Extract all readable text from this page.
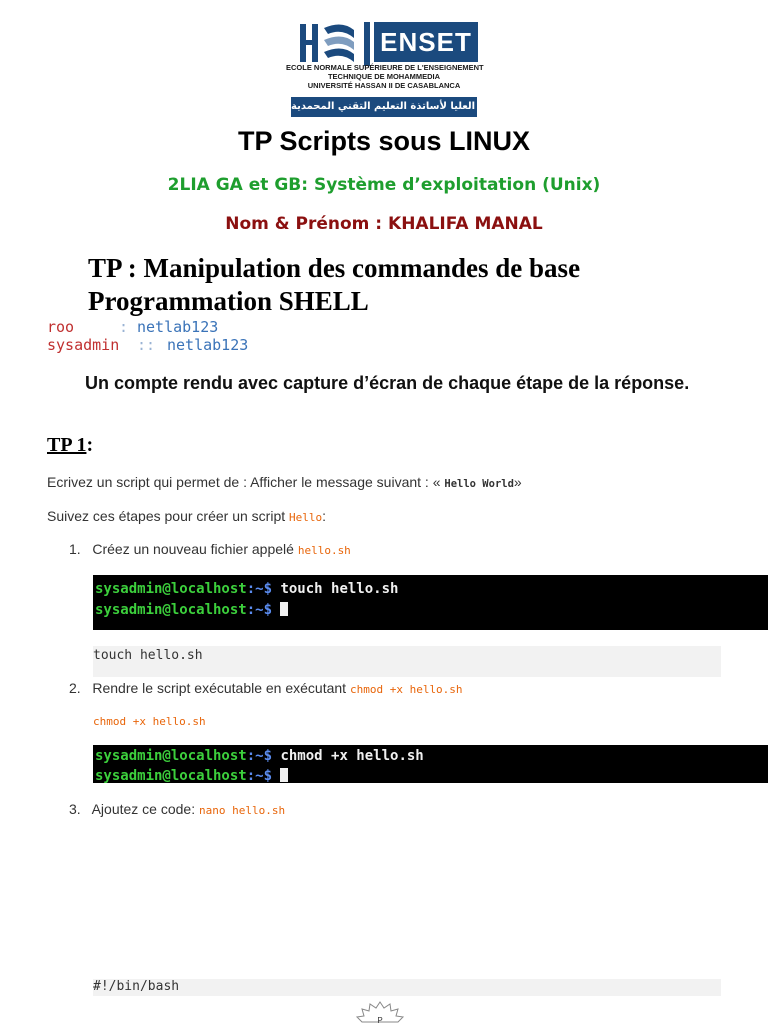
ENSET
ECOLE NORMALE SUPÉRIEURE DE L'ENSEIGNEMENT
TECHNIQUE DE MOHAMMEDIA
UNIVERSITÉ HASSAN II DE CASABLANCA
المدرسة العليا لأساتذة التعليم التقني المحمدية
TP Scripts sous LINUX
2LIA GA et GB: Système d’exploitation (Unix)
Nom & Prénom : KHALIFA MANAL
TP : Manipulation des commandes de base
Programmation SHELL
roo	: netlab123
sysadmin :: netlab123
Un compte rendu avec capture d’écran de chaque étape de la réponse.
TP 1:
Ecrivez un script qui permet de : Afficher le message suivant : « Hello World»
Suivez ces étapes pour créer un script Hello:
1. Créez un nouveau fichier appelé hello.sh
sysadmin@localhost:~$ touch hello.sh
sysadmin@localhost:~$
touch hello.sh
2. Rendre le script exécutable en exécutant chmod +x hello.sh
chmod +x hello.sh
sysadmin@localhost:~$ chmod +x hello.sh
sysadmin@localhost:~$
3. Ajoutez ce code: nano hello.sh
#!/bin/bash
P
